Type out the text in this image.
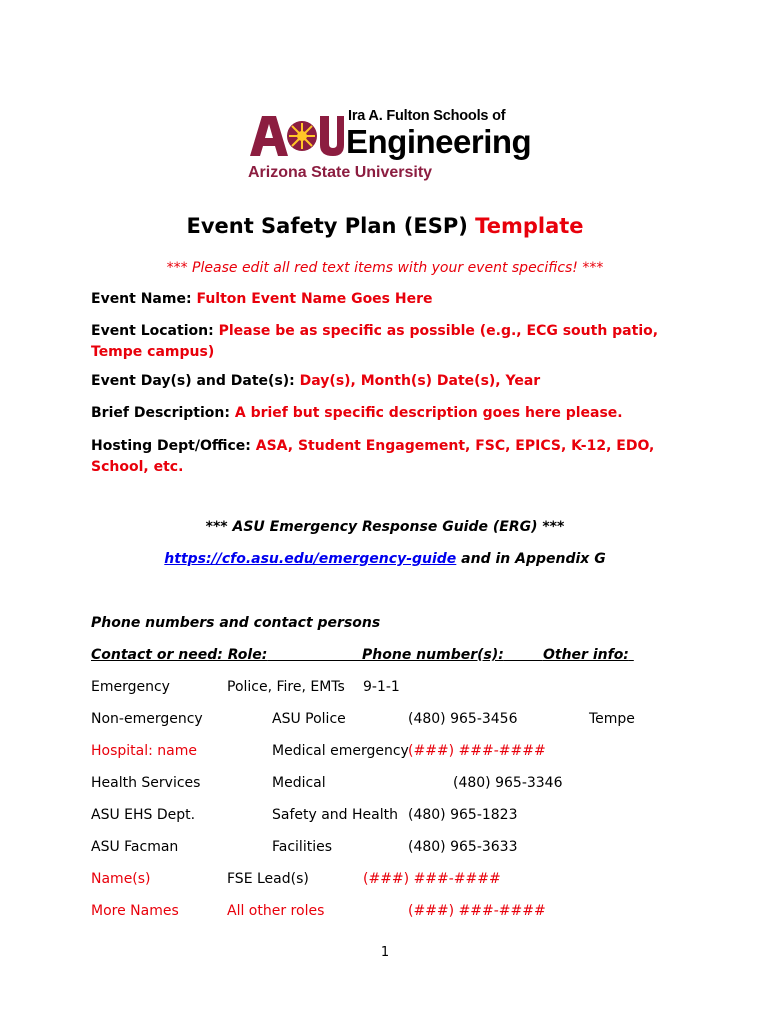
Ira A. Fulton Schools of
Engineering
Arizona State University
Event Safety Plan (ESP) Template
*** Please edit all red text items with your event specifics! ***
Event Name: Fulton Event Name Goes Here
Event Location: Please be as specific as possible (e.g., ECG south patio, Tempe campus)
Event Day(s) and Date(s): Day(s), Month(s) Date(s), Year
Brief Description: A brief but specific description goes here please.
Hosting Dept/Office: ASA, Student Engagement, FSC, EPICS, K-12, EDO, School, etc.
*** ASU Emergency Response Guide (ERG) ***
https://cfo.asu.edu/emergency-guide and in Appendix G
Phone numbers and contact persons
Contact or need: Role:	Phone number(s):	Other info:
Emergency	Police, Fire, EMTs 9-1-1
Non-emergency	ASU Police	(480) 965-3456	Tempe
Hospital: name	Medical emergency (###) ###-####
Health Services	Medical	(480) 965-3346
ASU EHS Dept.	Safety and Health (480) 965-1823
ASU Facman	Facilities	(480) 965-3633
Name(s)	FSE Lead(s)	(###) ###-####
More Names	All other roles	(###) ###-####
1
